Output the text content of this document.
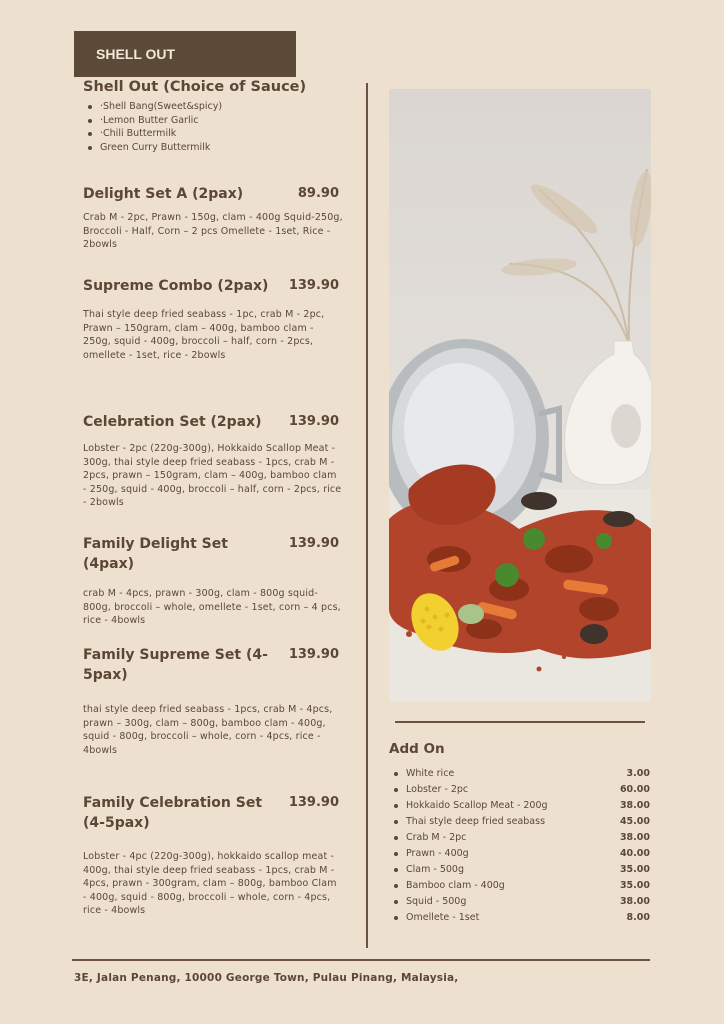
SHELL OUT
Shell Out (Choice of Sauce)
·Shell Bang(Sweet&spicy)
·Lemon Butter Garlic
·Chili Buttermilk
Green Curry Buttermilk
Delight Set A (2pax)	89.90
Crab M - 2pc, Prawn - 150g, clam - 400g Squid-250g, Broccoli - Half, Corn – 2 pcs Omellete - 1set, Rice - 2bowls
Supreme Combo (2pax)	139.90
Thai style deep fried seabass - 1pc, crab M - 2pc, Prawn – 150gram, clam – 400g, bamboo clam - 250g, squid - 400g, broccoli – half, corn - 2pcs, omellete - 1set, rice - 2bowls
Celebration Set (2pax)	139.90
Lobster - 2pc (220g-300g), Hokkaido Scallop Meat - 300g, thai style deep fried seabass - 1pcs, crab M - 2pcs, prawn – 150gram, clam – 400g, bamboo clam - 250g, squid - 400g, broccoli – half, corn - 2pcs, rice - 2bowls
Family Delight Set (4pax)
139.90
crab M - 4pcs, prawn - 300g, clam - 800g squid-800g, broccoli – whole, omellete - 1set, corn – 4 pcs, rice - 4bowls
Family Supreme Set (4-5pax)
139.90
thai style deep fried seabass - 1pcs, crab M - 4pcs, prawn – 300g, clam – 800g, bamboo clam - 400g, squid - 800g, broccoli – whole, corn - 4pcs, rice - 4bowls
Family Celebration Set (4-5pax)
139.90
Lobster - 4pc (220g-300g), hokkaido scallop meat - 400g, thai style deep fried seabass - 1pcs, crab M - 4pcs, prawn - 300gram, clam – 800g, bamboo Clam - 400g, squid - 800g, broccoli – whole, corn - 4pcs, rice - 4bowls
Add On
White rice	3.00
Lobster - 2pc	60.00
Hokkaido Scallop Meat - 200g	38.00
Thai style deep fried seabass	45.00
Crab M - 2pc	38.00
Prawn - 400g	40.00
Clam - 500g	35.00
Bamboo clam - 400g	35.00
Squid - 500g	38.00
Omellete - 1set	8.00
3E, Jalan Penang, 10000 George Town, Pulau Pinang, Malaysia,
